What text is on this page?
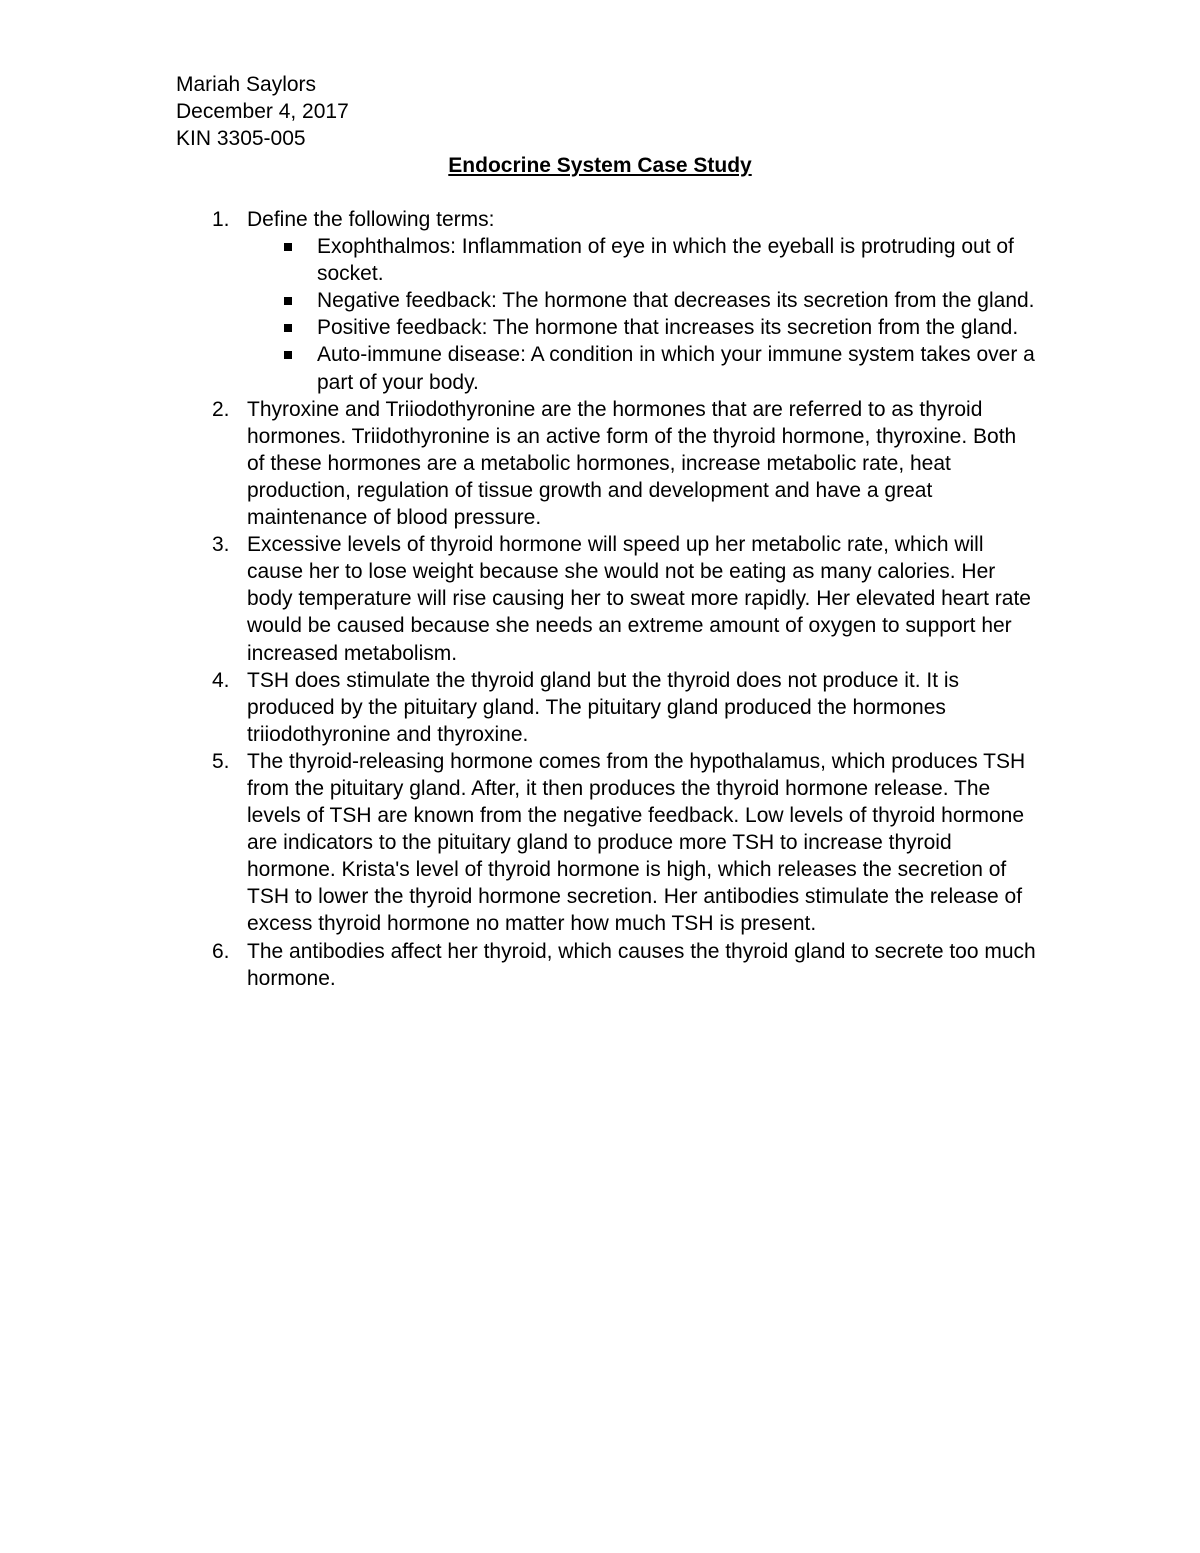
Mariah Saylors
December 4, 2017
KIN 3305-005
Endocrine System Case Study
1. Define the following terms:
Exophthalmos: Inflammation of eye in which the eyeball is protruding out of socket.
Negative feedback: The hormone that decreases its secretion from the gland.
Positive feedback: The hormone that increases its secretion from the gland.
Auto-immune disease: A condition in which your immune system takes over a part of your body.
2. Thyroxine and Triiodothyronine are the hormones that are referred to as thyroid hormones. Triidothyronine is an active form of the thyroid hormone, thyroxine. Both of these hormones are a metabolic hormones, increase metabolic rate, heat production, regulation of tissue growth and development and have a great maintenance of blood pressure.
3. Excessive levels of thyroid hormone will speed up her metabolic rate, which will cause her to lose weight because she would not be eating as many calories. Her body temperature will rise causing her to sweat more rapidly. Her elevated heart rate would be caused because she needs an extreme amount of oxygen to support her increased metabolism.
4. TSH does stimulate the thyroid gland but the thyroid does not produce it. It is produced by the pituitary gland. The pituitary gland produced the hormones triiodothyronine and thyroxine.
5. The thyroid-releasing hormone comes from the hypothalamus, which produces TSH from the pituitary gland. After, it then produces the thyroid hormone release. The levels of TSH are known from the negative feedback. Low levels of thyroid hormone are indicators to the pituitary gland to produce more TSH to increase thyroid hormone. Krista's level of thyroid hormone is high, which releases the secretion of TSH to lower the thyroid hormone secretion. Her antibodies stimulate the release of excess thyroid hormone no matter how much TSH is present.
6. The antibodies affect her thyroid, which causes the thyroid gland to secrete too much hormone.
